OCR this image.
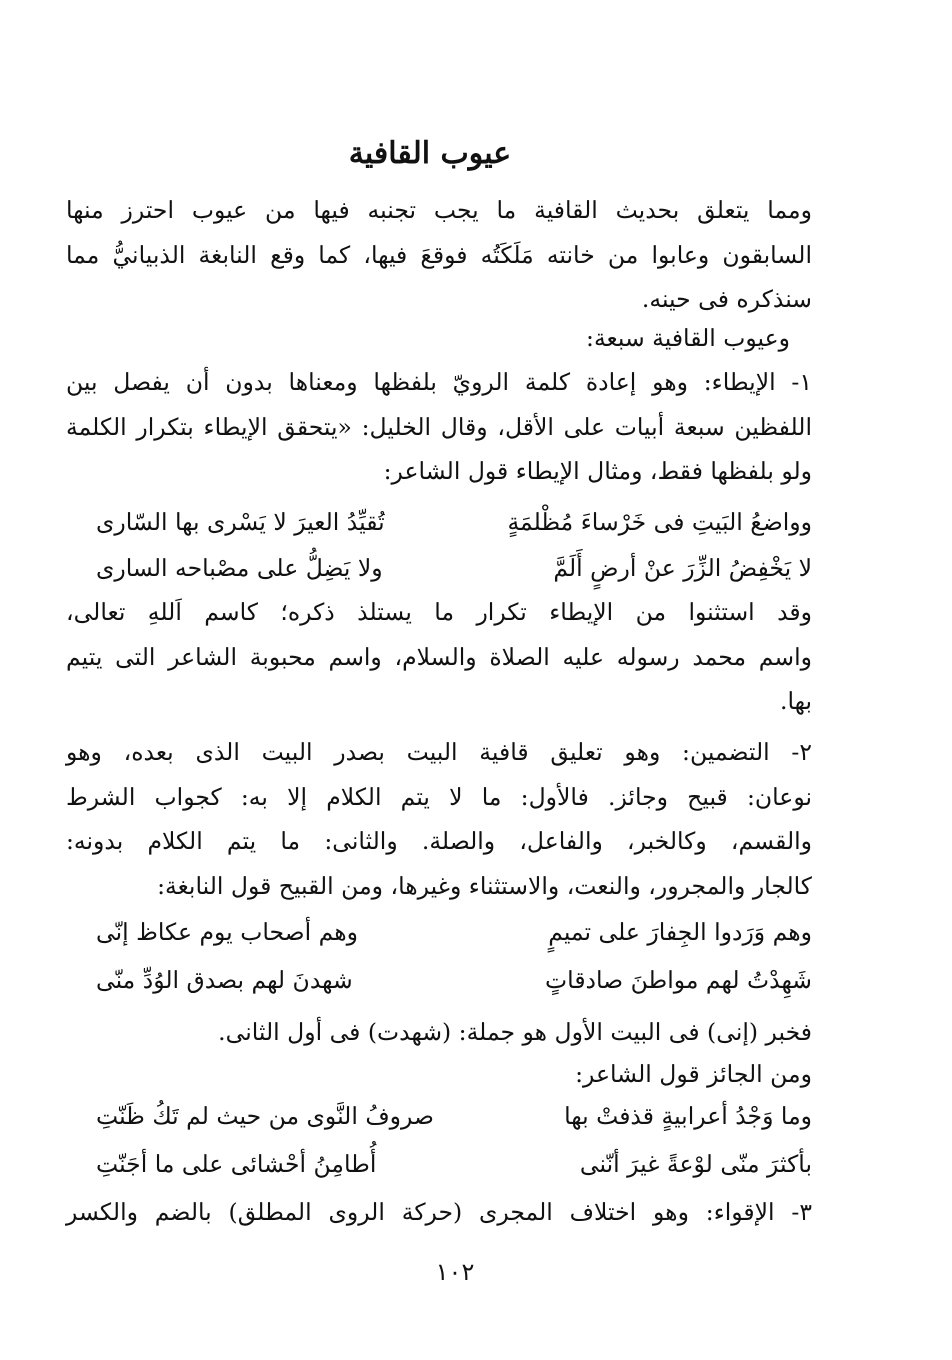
عيوب القافية
ومما يتعلق بحديث القافية ما يجب تجنبه فيها من عيوب احترز منها
السابقون وعابوا من خانته مَلَكَتُه فوقعَ فيها، كما وقع النابغة الذبيانيُّ مما
سنذكره فى حينه.
وعيوب القافية سبعة:
١- الإيطاء: وهو إعادة كلمة الرويّ بلفظها ومعناها بدون أن يفصل بين
اللفظين سبعة أبيات على الأقل، وقال الخليل: «يتحقق الإيطاء بتكرار الكلمة
ولو بلفظها فقط، ومثال الإيطاء قول الشاعر:
وواضعُ البَيتِ فى خَرْساءَ مُظْلمَةٍ
تُقيِّدُ العيرَ لا يَسْرى بها السّارى
لا يَخْفِضُ الزِّرَ عنْ أرضٍ أَلَمَّ
ولا يَضِلُّ على مصْباحه السارى
وقد استثنوا من الإيطاء تكرار ما يستلذ ذكره؛ كاسم اَللهِ تعالى،
واسم محمد رسوله عليه الصلاة والسلام، واسم محبوبة الشاعر التى يتيم
بها.
٢- التضمين: وهو تعليق قافية البيت بصدر البيت الذى بعده، وهو
نوعان: قبيح وجائز. فالأول: ما لا يتم الكلام إلا به: كجواب الشرط
والقسم، وكالخبر، والفاعل، والصلة. والثانى: ما يتم الكلام بدونه:
كالجار والمجرور، والنعت، والاستثناء وغيرها، ومن القبيح قول النابغة:
وهم وَرَدوا الجِفارَ على تميمٍ
وهم أصحاب يوم عكاظ إنّى
شَهِدْتُ لهم مواطنَ صادقاتٍ
شهدنَ لهم بصدق الوُدِّ منّى
فخبر (إنى) فى البيت الأول هو جملة: (شهدت) فى أول الثانى.
ومن الجائز قول الشاعر:
وما وَجْدُ أعرابيةٍ قذفتْ بها
صروفُ النَّوى من حيث لم تَكُ ظَنّتِ
بأكثرَ منّى لوْعةً غيرَ أنّنى
أُطامِنُ أحْشائى على ما أجَنّتِ
٣- الإقواء: وهو اختلاف المجرى (حركة الروى المطلق) بالضم والكسر
١٠٢
